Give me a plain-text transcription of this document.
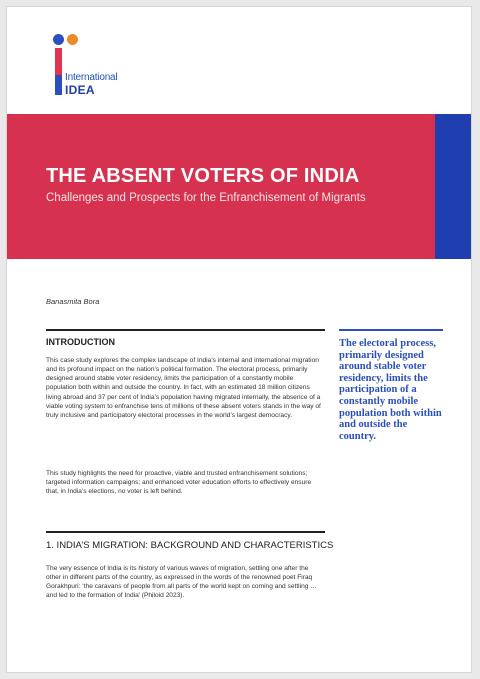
International
IDEA
THE ABSENT VOTERS OF INDIA

Challenges and Prospects for the Enfranchisement of Migrants

Banasmita Bora
INTRODUCTION

This case study explores the complex landscape of India’s internal and international migration and its profound impact on the nation’s political formation. The electoral process, primarily designed around stable voter residency, limits the participation of a constantly mobile population both within and outside the country. In fact, with an estimated 18 million citizens living abroad and 37 per cent of India’s population having migrated internally, the absence of a viable voting system to enfranchise tens of millions of these absent voters stands in the way of truly inclusive and participatory electoral processes in the world’s largest democracy.

This study highlights the need for proactive, viable and trusted enfranchisement solutions; targeted information campaigns; and enhanced voter education efforts to effectively ensure that, in India’s elections, no voter is left behind.

The electoral process, primarily designed around stable voter residency, limits the participation of a constantly mobile population both within and outside the country.

1. INDIA’S MIGRATION: BACKGROUND AND CHARACTERISTICS

The very essence of India is its history of various waves of migration, settling one after the other in different parts of the country, as expressed in the words of the renowned poet Firaq Gorakhpuri: ‘the caravans of people from all parts of the world kept on coming and settling … and led to the formation of India’ (Philoid 2023).
